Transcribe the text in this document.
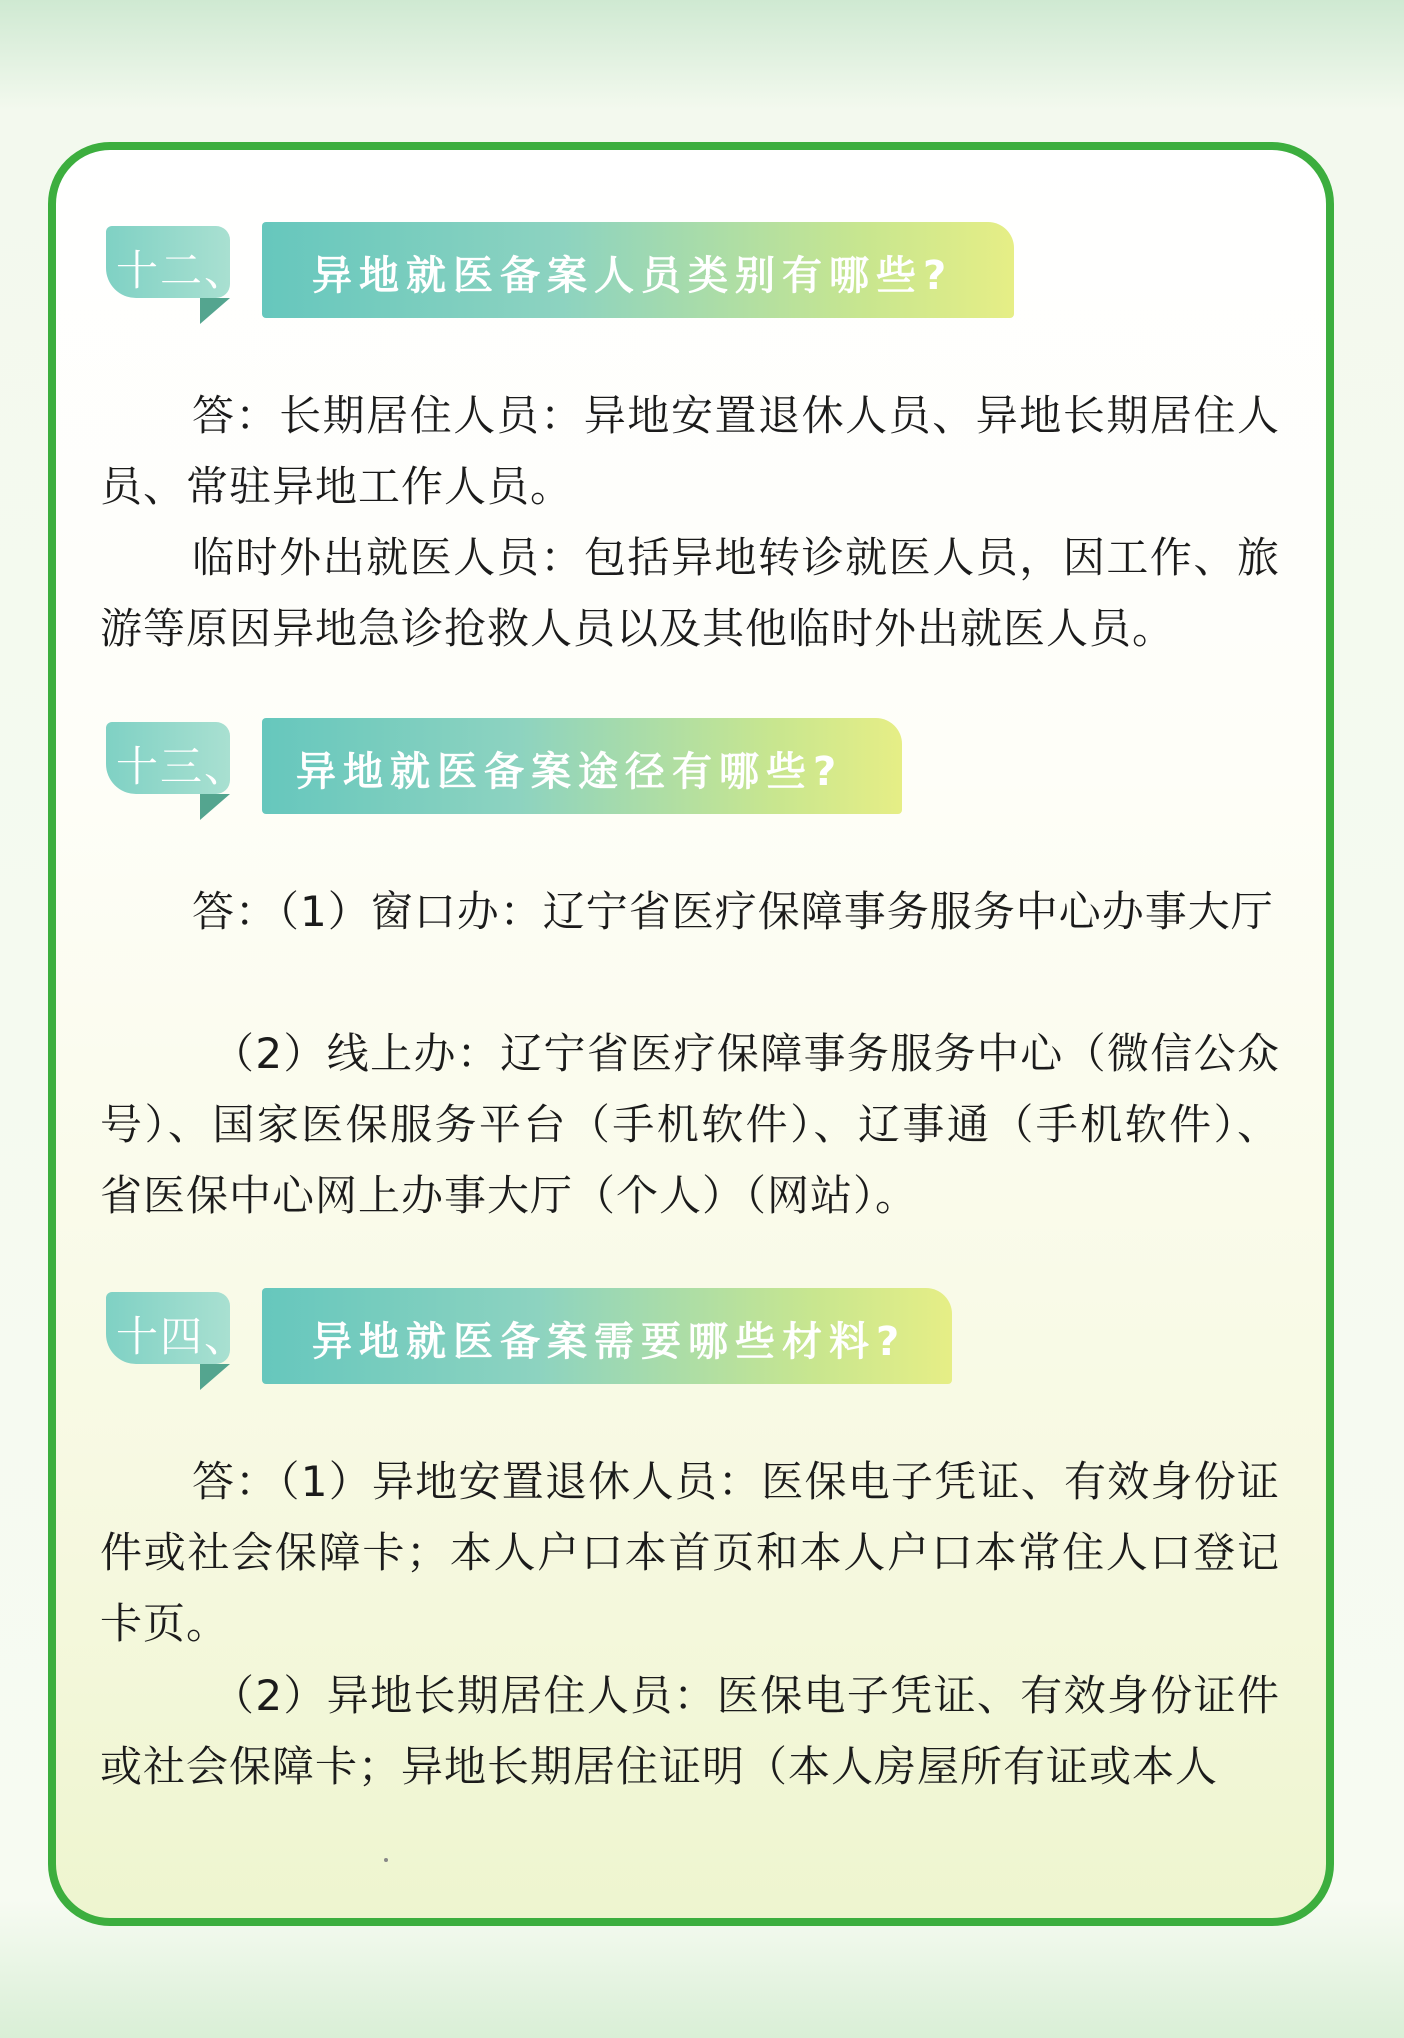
十二、 异地就医备案人员类别有哪些?

答：长期居住人员：异地安置退休人员、异地长期居住人员、常驻异地工作人员。

临时外出就医人员：包括异地转诊就医人员，因工作、旅游等原因异地急诊抢救人员以及其他临时外出就医人员。

十三、 异地就医备案途径有哪些?

答：（1）窗口办：辽宁省医疗保障事务服务中心办事大厅

（2）线上办：辽宁省医疗保障事务服务中心（微信公众号）、国家医保服务平台（手机软件）、辽事通（手机软件）、省医保中心网上办事大厅（个人）（网站）。

十四、 异地就医备案需要哪些材料?

答：（1）异地安置退休人员：医保电子凭证、有效身份证件或社会保障卡；本人户口本首页和本人户口本常住人口登记卡页。

（2）异地长期居住人员：医保电子凭证、有效身份证件或社会保障卡；异地长期居住证明（本人房屋所有证或本人
